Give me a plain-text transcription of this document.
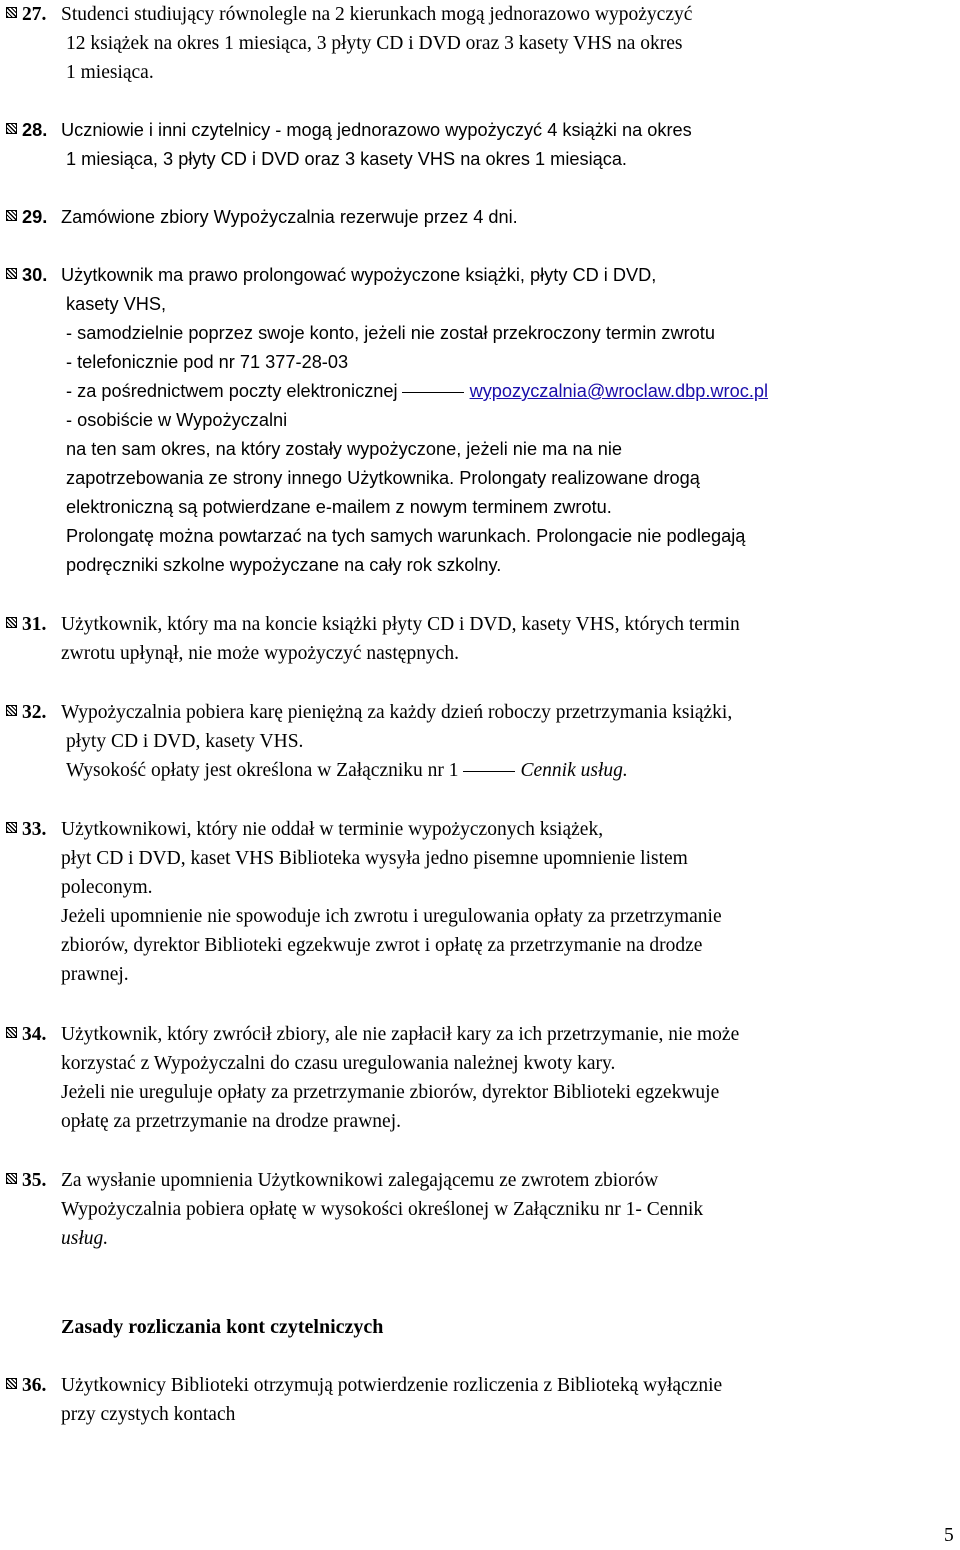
27. Studenci studiujący równolegle na 2 kierunkach mogą jednorazowo wypożyczyć
12 książek na okres 1 miesiąca, 3 płyty CD i DVD oraz 3 kasety VHS na okres
1 miesiąca.
28. Uczniowie i inni czytelnicy - mogą jednorazowo wypożyczyć 4 książki na okres
1 miesiąca, 3 płyty CD i DVD oraz 3 kasety VHS na okres 1 miesiąca.
29. Zamówione zbiory Wypożyczalnia rezerwuje przez 4 dni.
30. Użytkownik ma prawo prolongować wypożyczone książki, płyty CD i DVD,
kasety VHS,
- samodzielnie poprzez swoje konto, jeżeli nie został przekroczony termin zwrotu
- telefonicznie pod nr 71 377-28-03
- za pośrednictwem poczty elektronicznej	wypozyczalnia@wroclaw.dbp.wroc.pl
- osobiście w Wypożyczalni
na ten sam okres, na który zostały wypożyczone, jeżeli nie ma na nie
zapotrzebowania ze strony innego Użytkownika. Prolongaty realizowane drogą
elektroniczną są potwierdzane e-mailem z nowym terminem zwrotu.
Prolongatę można powtarzać na tych samych warunkach. Prolongacie nie podlegają
podręczniki szkolne wypożyczane na cały rok szkolny.
31. Użytkownik, który ma na koncie książki płyty CD i DVD, kasety VHS, których termin
zwrotu upłynął, nie może wypożyczyć następnych.
32. Wypożyczalnia pobiera karę pieniężną za każdy dzień roboczy przetrzymania książki,
płyty CD i DVD, kasety VHS.
Wysokość opłaty jest określona w Załączniku nr 1	Cennik usług.
33. Użytkownikowi, który nie oddał w terminie wypożyczonych książek,
płyt CD i DVD, kaset VHS Biblioteka wysyła jedno pisemne upomnienie listem
poleconym.
Jeżeli upomnienie nie spowoduje ich zwrotu i uregulowania opłaty za przetrzymanie
zbiorów, dyrektor Biblioteki egzekwuje zwrot i opłatę za przetrzymanie na drodze
prawnej.
34. Użytkownik, który zwrócił zbiory, ale nie zapłacił kary za ich przetrzymanie, nie może
korzystać z Wypożyczalni do czasu uregulowania należnej kwoty kary.
Jeżeli nie ureguluje opłaty za przetrzymanie zbiorów, dyrektor Biblioteki egzekwuje
opłatę za przetrzymanie na drodze prawnej.
35. Za wysłanie upomnienia Użytkownikowi zalegającemu ze zwrotem zbiorów
Wypożyczalnia pobiera opłatę w wysokości określonej w Załączniku nr 1- Cennik
usług.
Zasady rozliczania kont czytelniczych
36. Użytkownicy Biblioteki otrzymują potwierdzenie rozliczenia z Biblioteką wyłącznie
przy czystych kontach
5
